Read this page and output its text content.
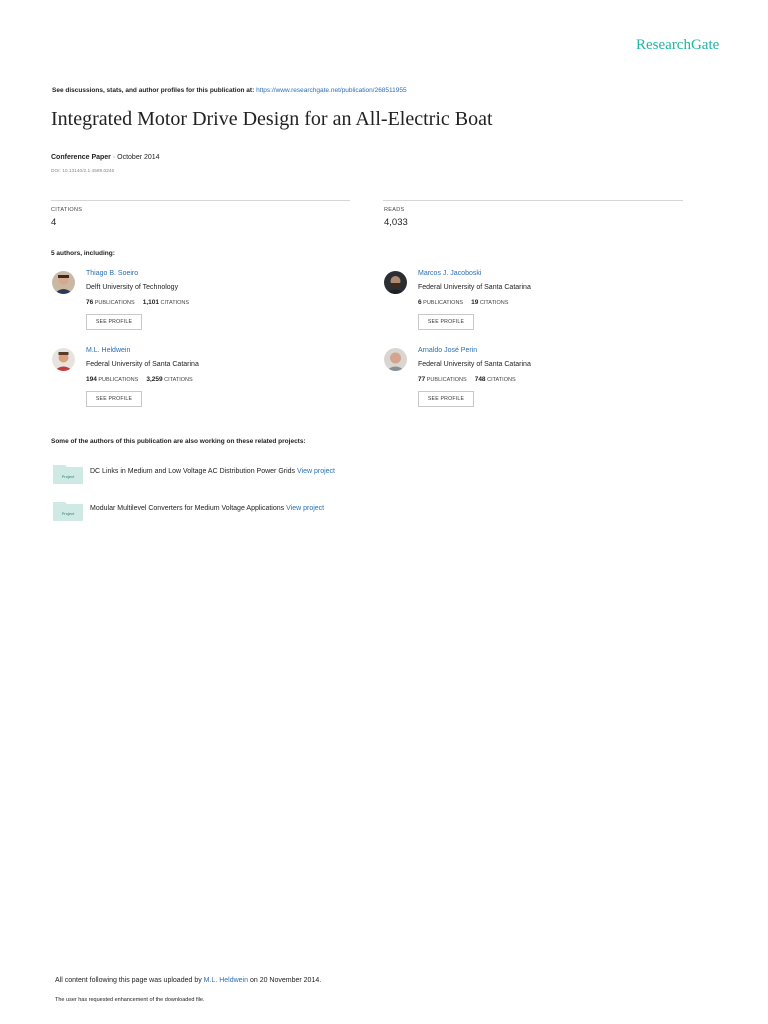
ResearchGate
See discussions, stats, and author profiles for this publication at: https://www.researchgate.net/publication/268511955
Integrated Motor Drive Design for an All-Electric Boat
Conference Paper · October 2014
DOI: 10.13140/2.1.4589.0245
CITATIONS
4
READS
4,033
5 authors, including:
Thiago B. Soeiro
Delft University of Technology
76 PUBLICATIONS 1,101 CITATIONS
SEE PROFILE
Marcos J. Jacoboski
Federal University of Santa Catarina
6 PUBLICATIONS 19 CITATIONS
SEE PROFILE
M.L. Heldwein
Federal University of Santa Catarina
194 PUBLICATIONS 3,259 CITATIONS
SEE PROFILE
Arnaldo José Perin
Federal University of Santa Catarina
77 PUBLICATIONS 748 CITATIONS
SEE PROFILE
Some of the authors of this publication are also working on these related projects:
Project
DC Links in Medium and Low Voltage AC Distribution Power Grids View project
Project
Modular Multilevel Converters for Medium Voltage Applications View project
All content following this page was uploaded by M.L. Heldwein on 20 November 2014.
The user has requested enhancement of the downloaded file.
